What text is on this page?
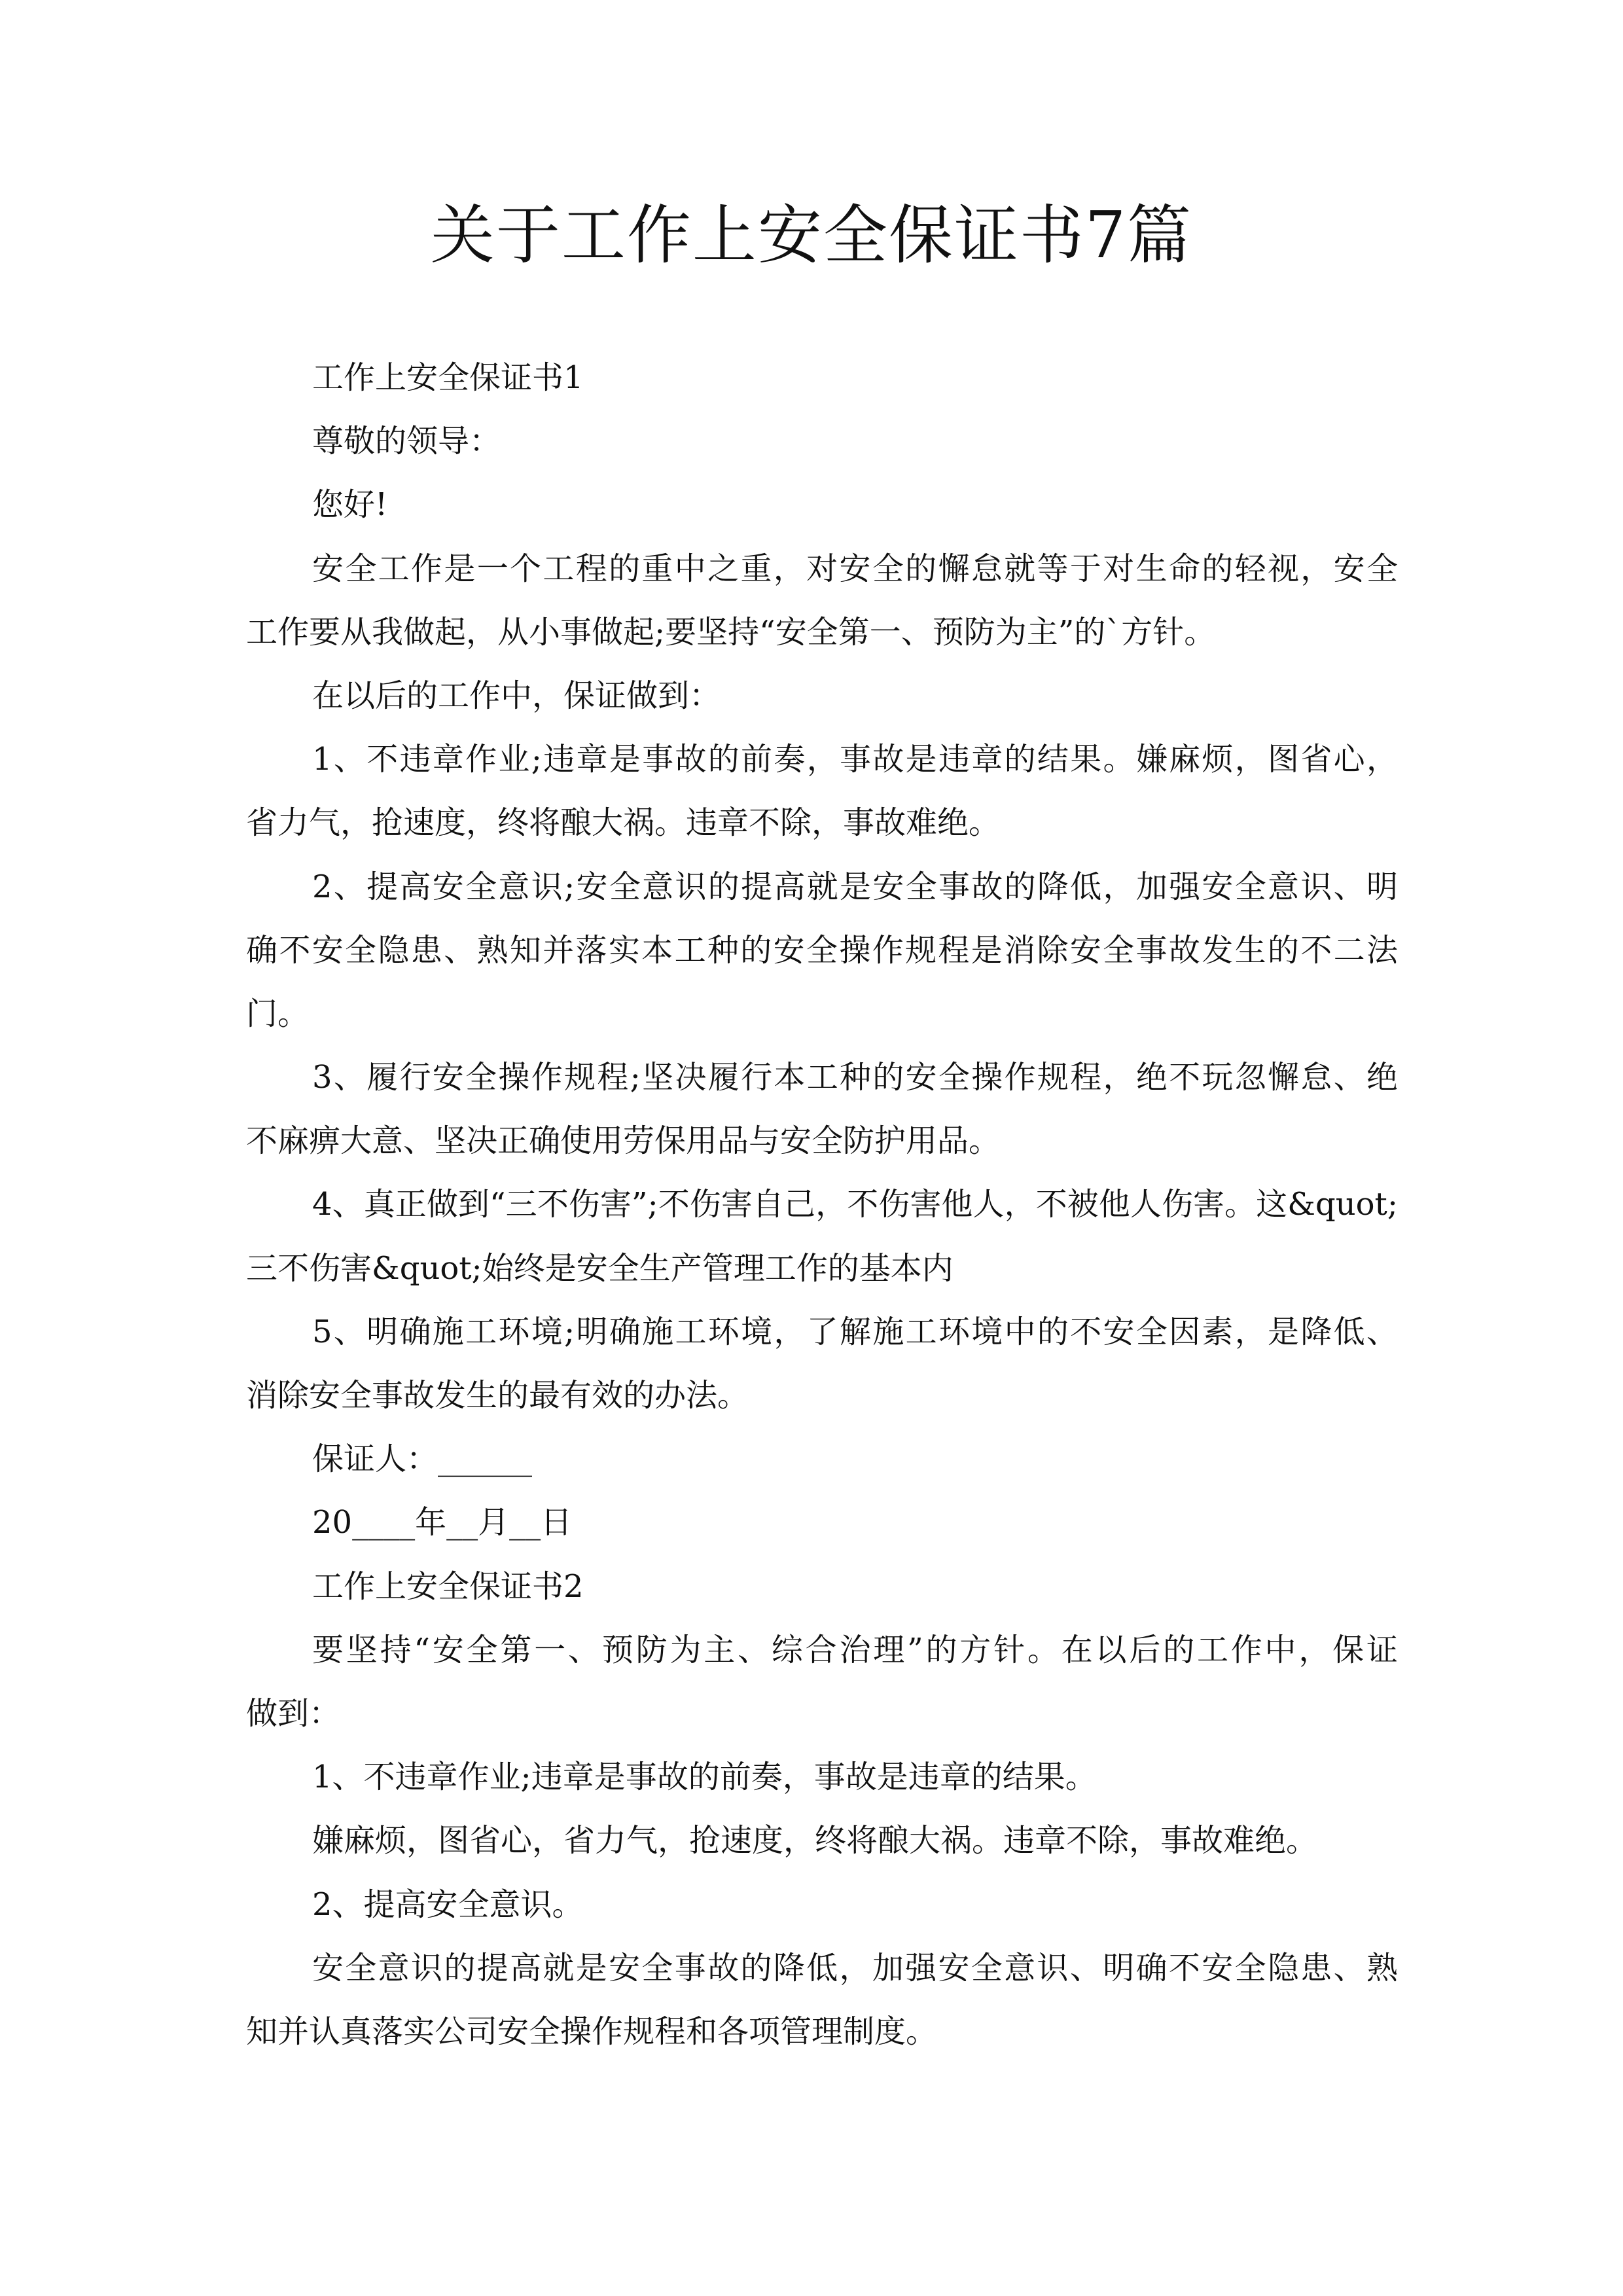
关于工作上安全保证书7篇
工作上安全保证书1
尊敬的领导：
您好!
安全工作是一个工程的重中之重，对安全的懈怠就等于对生命的轻视，安全
工作要从我做起，从小事做起;要坚持“安全第一、预防为主”的`方针。
在以后的工作中，保证做到：
1、不违章作业;违章是事故的前奏，事故是违章的结果。嫌麻烦，图省心，
省力气，抢速度，终将酿大祸。违章不除，事故难绝。
2、提高安全意识;安全意识的提高就是安全事故的降低，加强安全意识、明
确不安全隐患、熟知并落实本工种的安全操作规程是消除安全事故发生的不二法
门。
3、履行安全操作规程;坚决履行本工种的安全操作规程，绝不玩忽懈怠、绝
不麻痹大意、坚决正确使用劳保用品与安全防护用品。
4、真正做到“三不伤害”;不伤害自己，不伤害他人，不被他人伤害。这&quot;
三不伤害&quot;始终是安全生产管理工作的基本内
5、明确施工环境;明确施工环境，了解施工环境中的不安全因素，是降低、
消除安全事故发生的最有效的办法。
保证人：______
20____年__月__日
工作上安全保证书2
要坚持“安全第一、预防为主、综合治理”的方针。在以后的工作中，保证
做到：
1、不违章作业;违章是事故的前奏，事故是违章的结果。
嫌麻烦，图省心，省力气，抢速度，终将酿大祸。违章不除，事故难绝。
2、提高安全意识。
安全意识的提高就是安全事故的降低，加强安全意识、明确不安全隐患、熟
知并认真落实公司安全操作规程和各项管理制度。
